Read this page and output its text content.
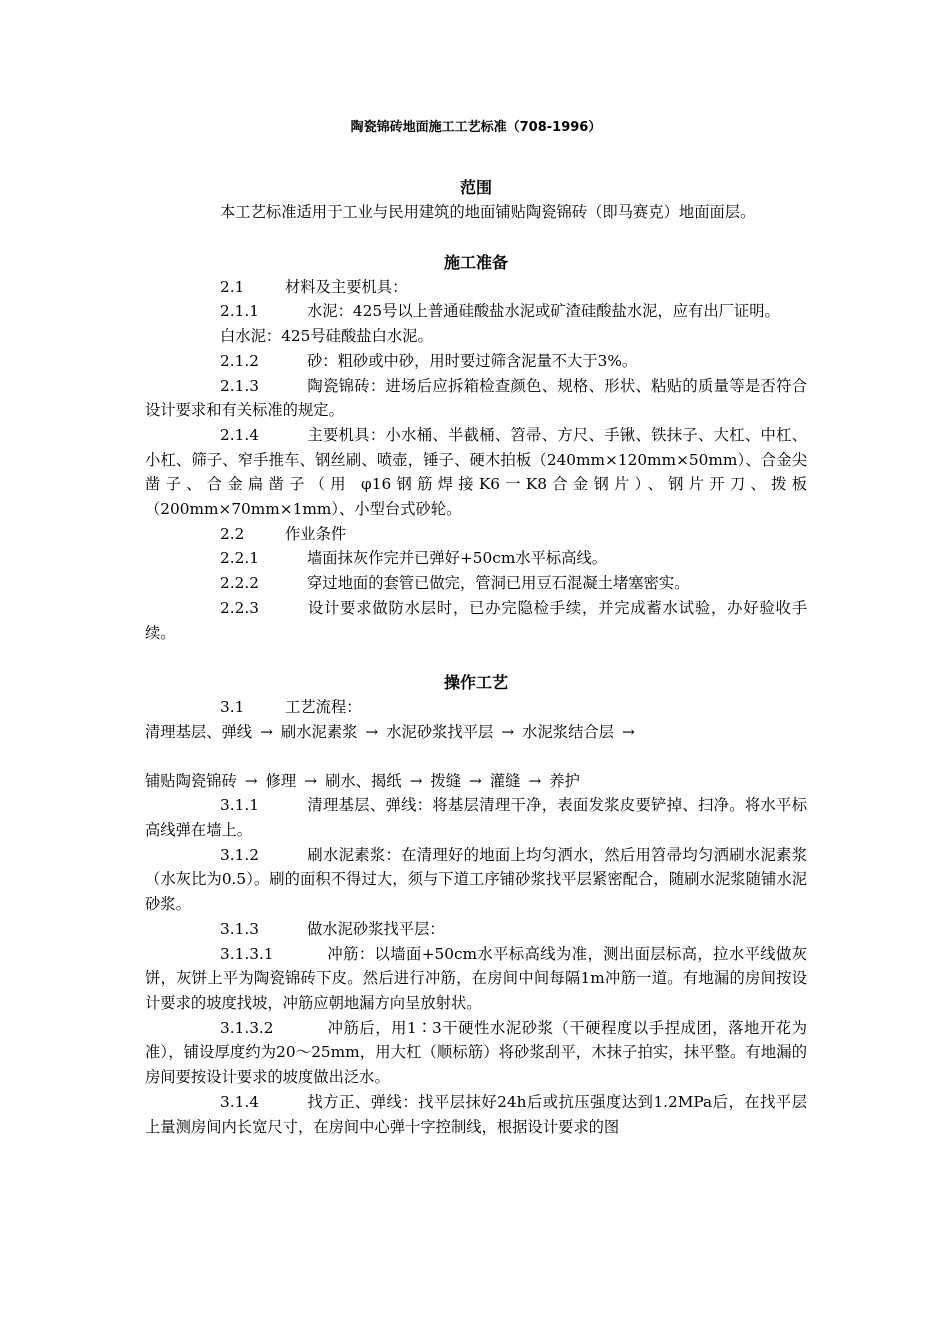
陶瓷锦砖地面施工工艺标准（708-1996）
范围

本工艺标准适用于工业与民用建筑的地面铺贴陶瓷锦砖（即马赛克）地面面层。

施工准备

2.1	材料及主要机具：

2.1.1	水泥：425号以上普通硅酸盐水泥或矿渣硅酸盐水泥，应有出厂证明。

白水泥：425号硅酸盐白水泥。

2.1.2	砂：粗砂或中砂，用时要过筛含泥量不大于3%。

2.1.3	陶瓷锦砖：进场后应拆箱检查颜色、规格、形状、粘贴的质量等是否符合设计要求和有关标准的规定。

2.1.4	主要机具：小水桶、半截桶、笤帚、方尺、手锹、铁抹子、大杠、中杠、小杠、筛子、窄手推车、钢丝刷、喷壶，锤子、硬木拍板（240mm×120mm×50mm）、合金尖凿子、合金扁凿子（用 φ16钢筋焊接K6一K8合金钢片）、钢片开刀、拨板（200mm×70mm×1mm）、小型台式砂轮。

2.2	作业条件

2.2.1	墙面抹灰作完并已弹好+50cm水平标高线。

2.2.2	穿过地面的套管已做完，管洞已用豆石混凝土堵塞密实。

2.2.3	设计要求做防水层时，已办完隐检手续，并完成蓄水试验，办好验收手续。

操作工艺

3.1	工艺流程：

清理基层、弹线 → 刷水泥素浆 → 水泥砂浆找平层 → 水泥浆结合层 →

铺贴陶瓷锦砖 → 修理 → 刷水、揭纸 → 拨缝 → 灌缝 → 养护

3.1.1	清理基层、弹线：将基层清理干净，表面发浆皮要铲掉、扫净。将水平标高线弹在墙上。

3.1.2	刷水泥素浆：在清理好的地面上均匀洒水，然后用笤帚均匀洒刷水泥素浆（水灰比为0.5）。刷的面积不得过大，须与下道工序铺砂浆找平层紧密配合，随刷水泥浆随铺水泥砂浆。

3.1.3	做水泥砂浆找平层：

3.1.3.1	冲筋：以墙面+50cm水平标高线为准，测出面层标高，拉水平线做灰饼，灰饼上平为陶瓷锦砖下皮。然后进行冲筋，在房间中间每隔1m冲筋一道。有地漏的房间按设计要求的坡度找坡，冲筋应朝地漏方向呈放射状。

3.1.3.2	冲筋后，用1∶3干硬性水泥砂浆（干硬程度以手捏成团，落地开花为准），铺设厚度约为20～25mm，用大杠（顺标筋）将砂浆刮平，木抹子拍实，抹平整。有地漏的房间要按设计要求的坡度做出泛水。

3.1.4	找方正、弹线：找平层抹好24h后或抗压强度达到1.2MPa后，在找平层上量测房间内长宽尺寸，在房间中心弹十字控制线，根据设计要求的图
